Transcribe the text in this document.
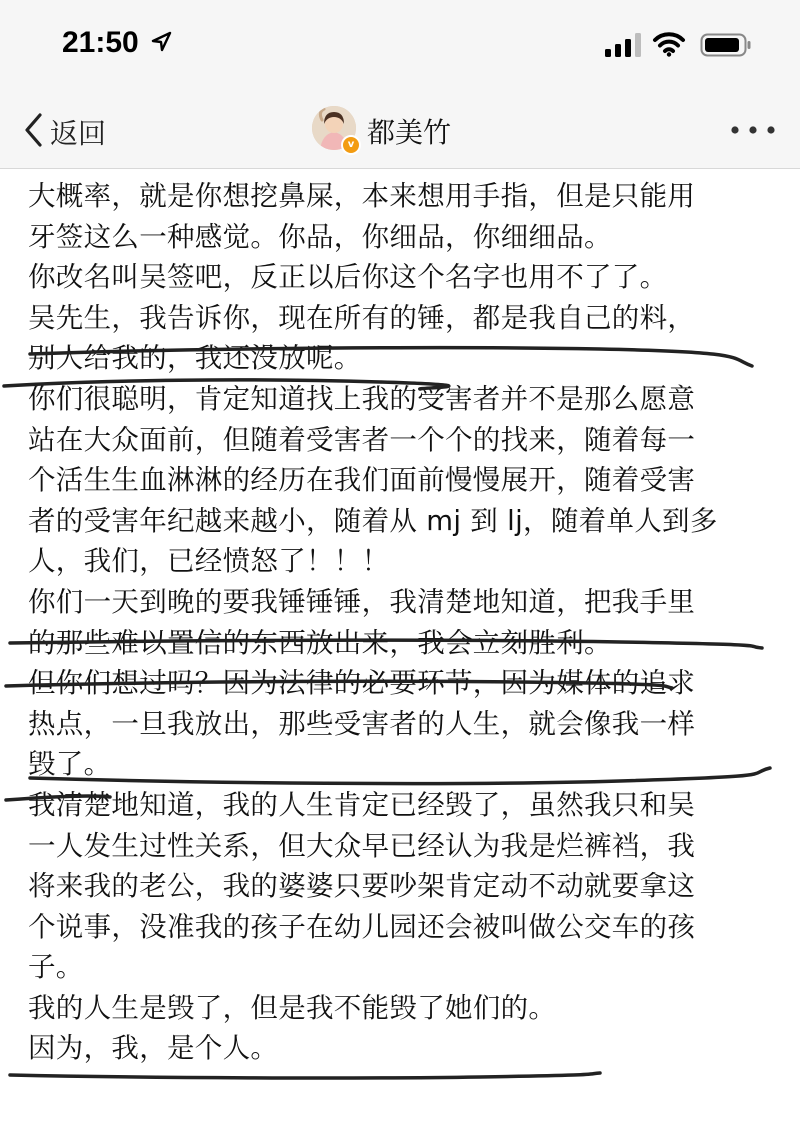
21:50
返回	v 都美竹
大概率，就是你想挖鼻屎，本来想用手指，但是只能用
牙签这么一种感觉。你品，你细品，你细细品。
你改名叫吴签吧，反正以后你这个名字也用不了了。
吴先生，我告诉你，现在所有的锤，都是我自己的料，
别人给我的，我还没放呢。
你们很聪明，肯定知道找上我的受害者并不是那么愿意
站在大众面前，但随着受害者一个个的找来，随着每一
个活生生血淋淋的经历在我们面前慢慢展开，随着受害
者的受害年纪越来越小，随着从 mj 到 lj，随着单人到多
人，我们，已经愤怒了！！！
你们一天到晚的要我锤锤锤，我清楚地知道，把我手里
的那些难以置信的东西放出来，我会立刻胜利。
但你们想过吗？因为法律的必要环节，因为媒体的追求
热点，一旦我放出，那些受害者的人生，就会像我一样
毁了。
我清楚地知道，我的人生肯定已经毁了，虽然我只和吴
一人发生过性关系，但大众早已经认为我是烂裤裆，我
将来我的老公，我的婆婆只要吵架肯定动不动就要拿这
个说事，没准我的孩子在幼儿园还会被叫做公交车的孩
子。
我的人生是毁了，但是我不能毁了她们的。
因为，我，是个人。
